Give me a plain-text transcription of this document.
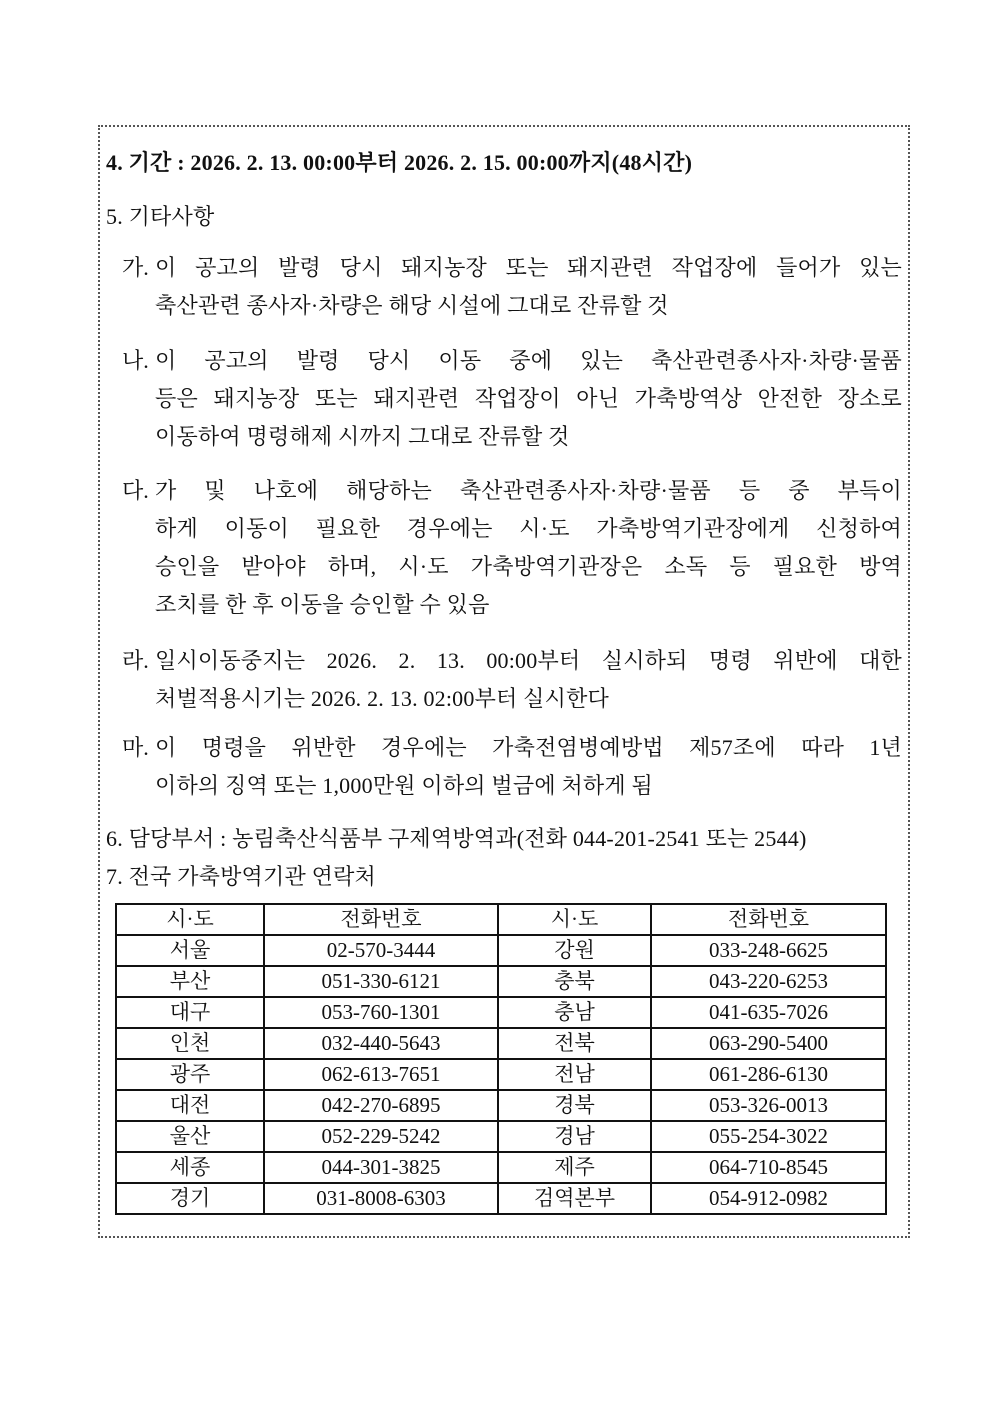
4. 기간 : 2026. 2. 13. 00:00부터 2026. 2. 15. 00:00까지(48시간)

5. 기타사항

가. 이 공고의 발령 당시 돼지농장 또는 돼지관련 작업장에 들어가 있는
축산관련 종사자·차량은 해당 시설에 그대로 잔류할 것
나. 이 공고의 발령 당시 이동 중에 있는 축산관련종사자·차량·물품
등은 돼지농장 또는 돼지관련 작업장이 아닌 가축방역상 안전한 장소로
이동하여 명령해제 시까지 그대로 잔류할 것
다. 가 및 나호에 해당하는 축산관련종사자·차량·물품 등 중 부득이
하게 이동이 필요한 경우에는 시·도 가축방역기관장에게 신청하여
승인을 받아야 하며, 시·도 가축방역기관장은 소독 등 필요한 방역
조치를 한 후 이동을 승인할 수 있음
라. 일시이동중지는 2026. 2. 13. 00:00부터 실시하되 명령 위반에 대한
처벌적용시기는 2026. 2. 13. 02:00부터 실시한다
마. 이 명령을 위반한 경우에는 가축전염병예방법 제57조에 따라 1년
이하의 징역 또는 1,000만원 이하의 벌금에 처하게 됨

6. 담당부서 : 농림축산식품부 구제역방역과(전화 044-201-2541 또는 2544)

7. 전국 가축방역기관 연락처

시·도	전화번호	시·도	전화번호
서울	02-570-3444	강원	033-248-6625
부산	051-330-6121	충북	043-220-6253
대구	053-760-1301	충남	041-635-7026
인천	032-440-5643	전북	063-290-5400
광주	062-613-7651	전남	061-286-6130
대전	042-270-6895	경북	053-326-0013
울산	052-229-5242	경남	055-254-3022
세종	044-301-3825	제주	064-710-8545
경기	031-8008-6303	검역본부	054-912-0982
